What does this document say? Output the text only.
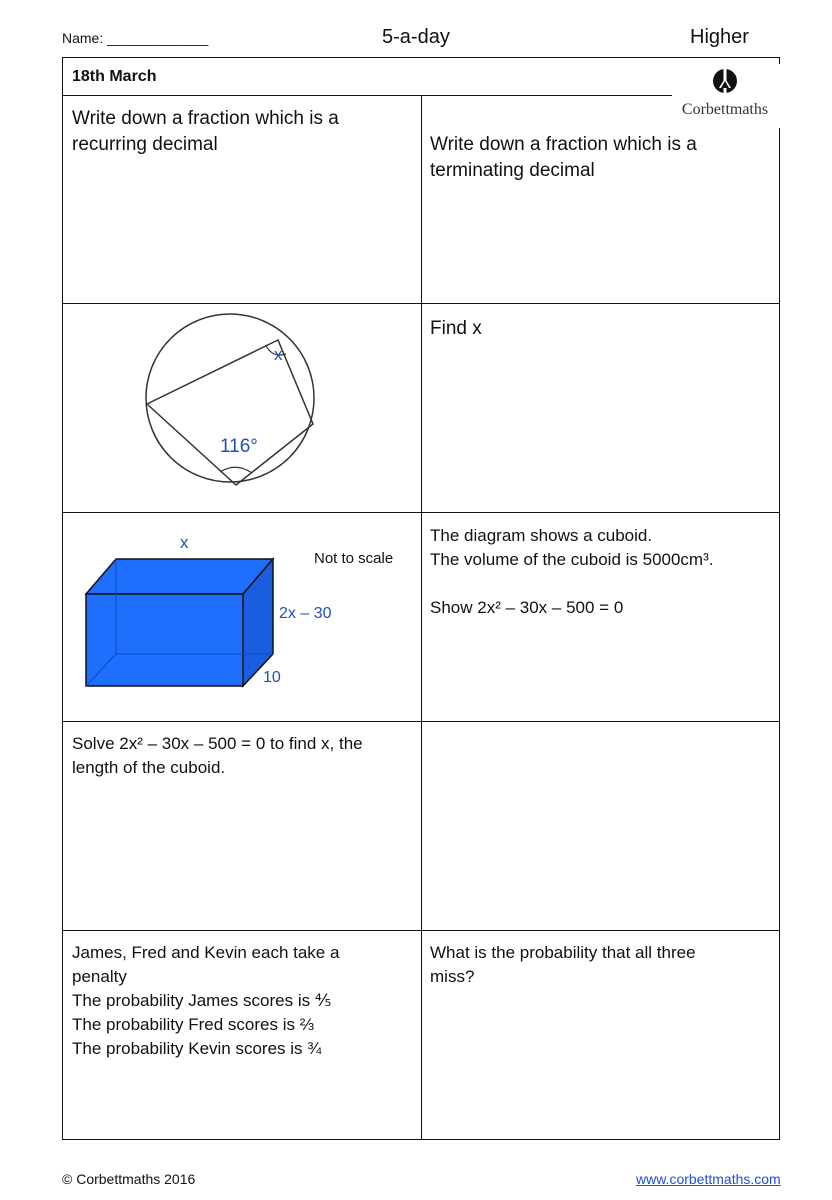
Name: _____________	5-a-day	Higher
18th March
Corbettmaths
Write down a fraction which is a recurring decimal	Write down a fraction which is a terminating decimal
x
116°
Find x
x
Not to scale
2x – 30
10
The diagram shows a cuboid.
The volume of the cuboid is 5000cm³.
Show 2x² – 30x – 500 = 0
Solve 2x² – 30x – 500 = 0 to find x, the
length of the cuboid.
James, Fred and Kevin each take a
penalty
The probability James scores is ⅘
The probability Fred scores is ⅔
The probability Kevin scores is ¾
What is the probability that all three
miss?
© Corbettmaths 2016	www.corbettmaths.com
